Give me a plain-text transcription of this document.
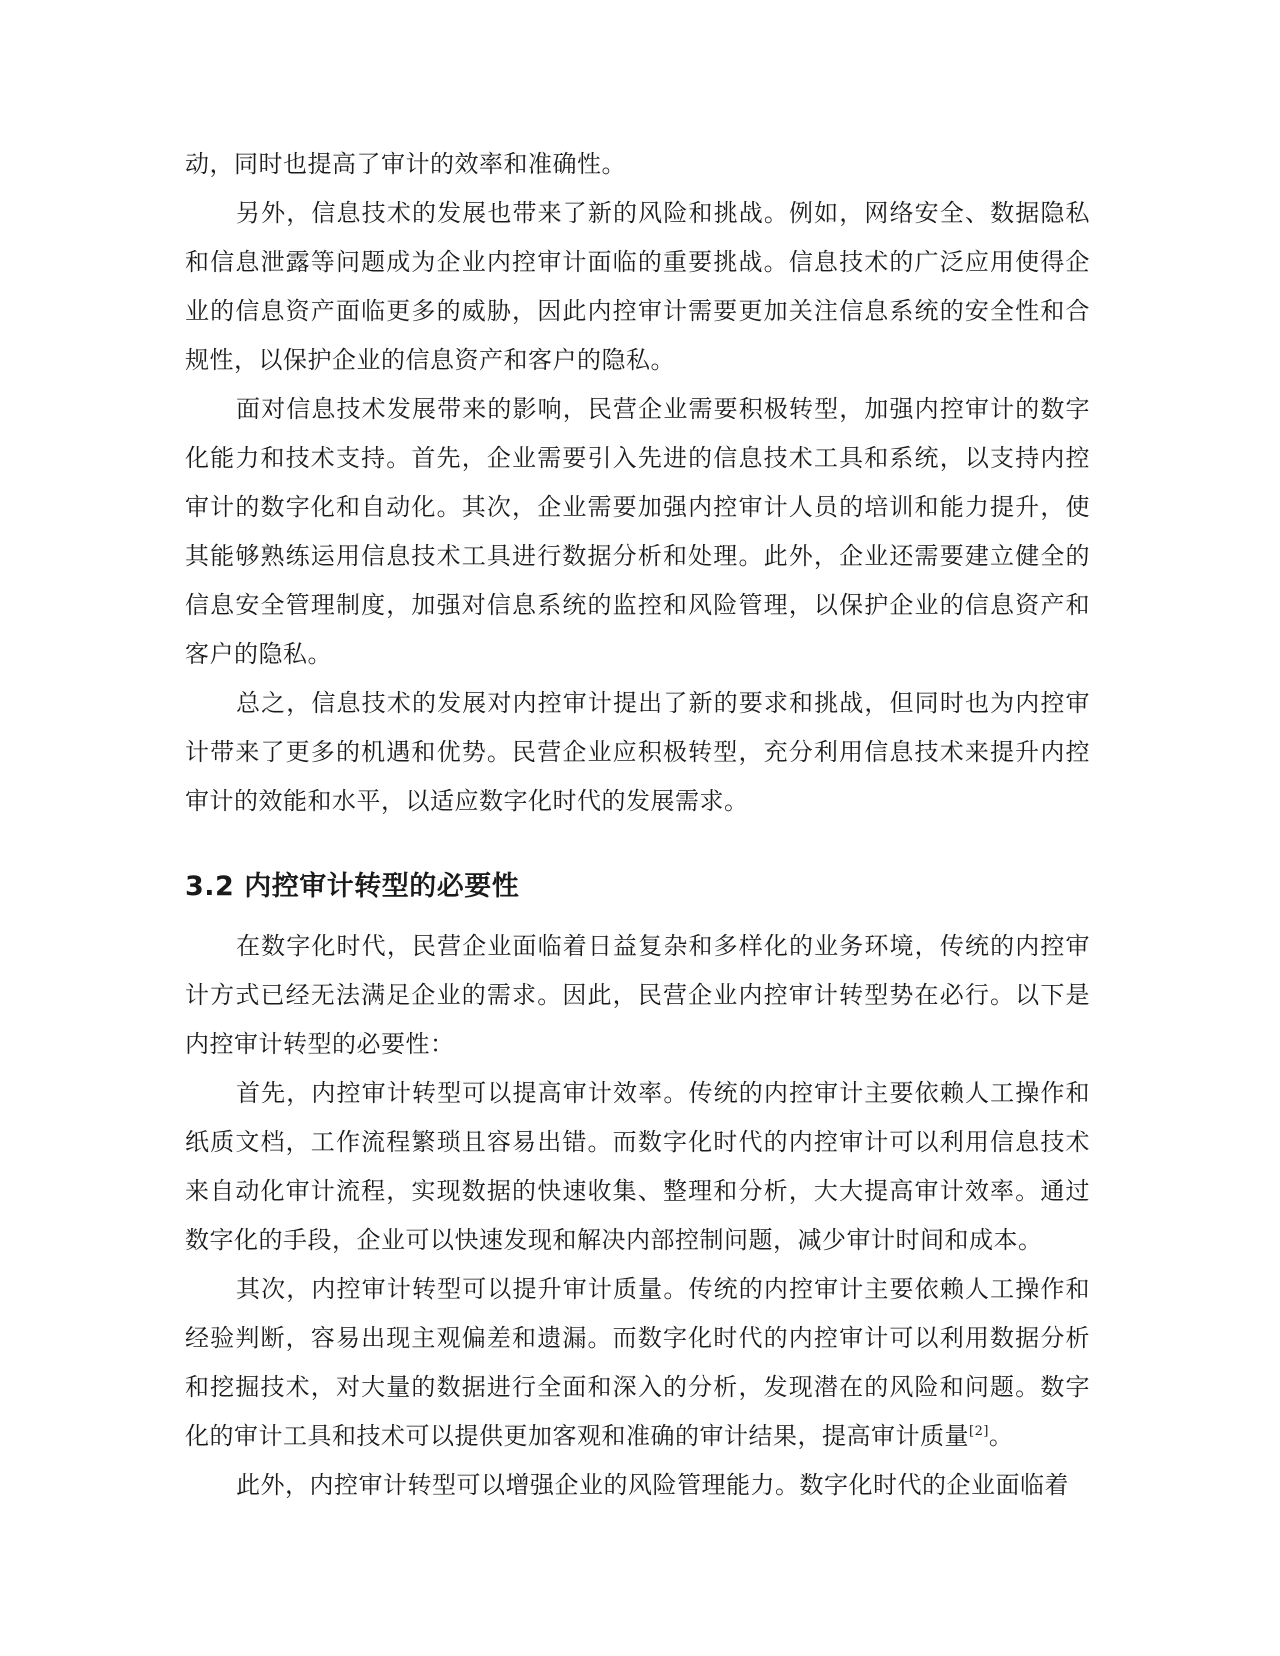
动，同时也提高了审计的效率和准确性。

另外，信息技术的发展也带来了新的风险和挑战。例如，网络安全、数据隐私和信息泄露等问题成为企业内控审计面临的重要挑战。信息技术的广泛应用使得企业的信息资产面临更多的威胁，因此内控审计需要更加关注信息系统的安全性和合规性，以保护企业的信息资产和客户的隐私。

面对信息技术发展带来的影响，民营企业需要积极转型，加强内控审计的数字化能力和技术支持。首先，企业需要引入先进的信息技术工具和系统，以支持内控审计的数字化和自动化。其次，企业需要加强内控审计人员的培训和能力提升，使其能够熟练运用信息技术工具进行数据分析和处理。此外，企业还需要建立健全的信息安全管理制度，加强对信息系统的监控和风险管理，以保护企业的信息资产和客户的隐私。

总之，信息技术的发展对内控审计提出了新的要求和挑战，但同时也为内控审计带来了更多的机遇和优势。民营企业应积极转型，充分利用信息技术来提升内控审计的效能和水平，以适应数字化时代的发展需求。

3.2 内控审计转型的必要性

在数字化时代，民营企业面临着日益复杂和多样化的业务环境，传统的内控审计方式已经无法满足企业的需求。因此，民营企业内控审计转型势在必行。以下是内控审计转型的必要性：

首先，内控审计转型可以提高审计效率。传统的内控审计主要依赖人工操作和纸质文档，工作流程繁琐且容易出错。而数字化时代的内控审计可以利用信息技术来自动化审计流程，实现数据的快速收集、整理和分析，大大提高审计效率。通过数字化的手段，企业可以快速发现和解决内部控制问题，减少审计时间和成本。

其次，内控审计转型可以提升审计质量。传统的内控审计主要依赖人工操作和经验判断，容易出现主观偏差和遗漏。而数字化时代的内控审计可以利用数据分析和挖掘技术，对大量的数据进行全面和深入的分析，发现潜在的风险和问题。数字化的审计工具和技术可以提供更加客观和准确的审计结果，提高审计质量[2]。

此外，内控审计转型可以增强企业的风险管理能力。数字化时代的企业面临着
